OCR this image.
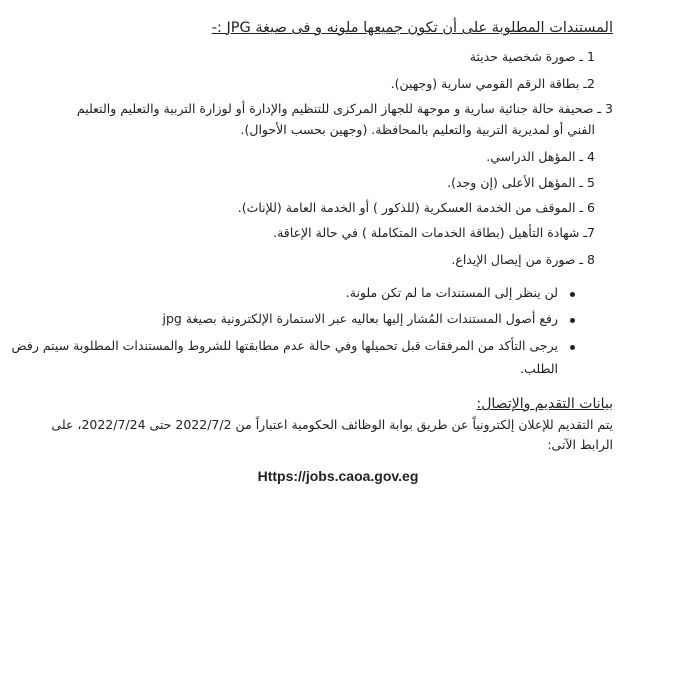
المستندات المطلوبة على أن تكون جميعها ملونه و فى صيغة JPG :-
1 ـ صورة شخصية حديثة
2ـ بطاقة الرقم القومي سارية (وجهين).
3 ـ صحيفة حالة جنائية سارية و موجهة للجهاز المركزى للتنظيم والإدارة أو لوزارة التربية والتعليم والتعليم
الفني أو لمديرية التربية والتعليم بالمحافظة. (وجهين بحسب الأحوال).
4 ـ المؤهل الدراسي.
5 ـ المؤهل الأعلى (إن وجد).
6 ـ الموقف من الخدمة العسكرية (للذكور ) أو الخدمة العامة (للإناث).
7ـ شهادة التأهيل (بطاقة الخدمات المتكاملة ) في حالة الإعاقة.
8 ـ صورة من إيصال الإيداع.
لن ينظر إلى المستندات ما لم تكن ملونة.
رفع أصول المستندات المُشار إليها بعاليه عبر الاستمارة الإلكترونية بصيغة jpg
يرجى التأكد من المرفقات قبل تحميلها وفي حالة عدم مطابقتها للشروط والمستندات المطلوبة سيتم رفض
الطلب.
بيانات التقديم والإتصال:
يتم التقديم للإعلان إلكترونياً عن طريق بوابة الوظائف الحكومية اعتباراً من 2022/7/2 حتى 2022/7/24، على
الرابط الآتى:
Https://jobs.caoa.gov.eg
